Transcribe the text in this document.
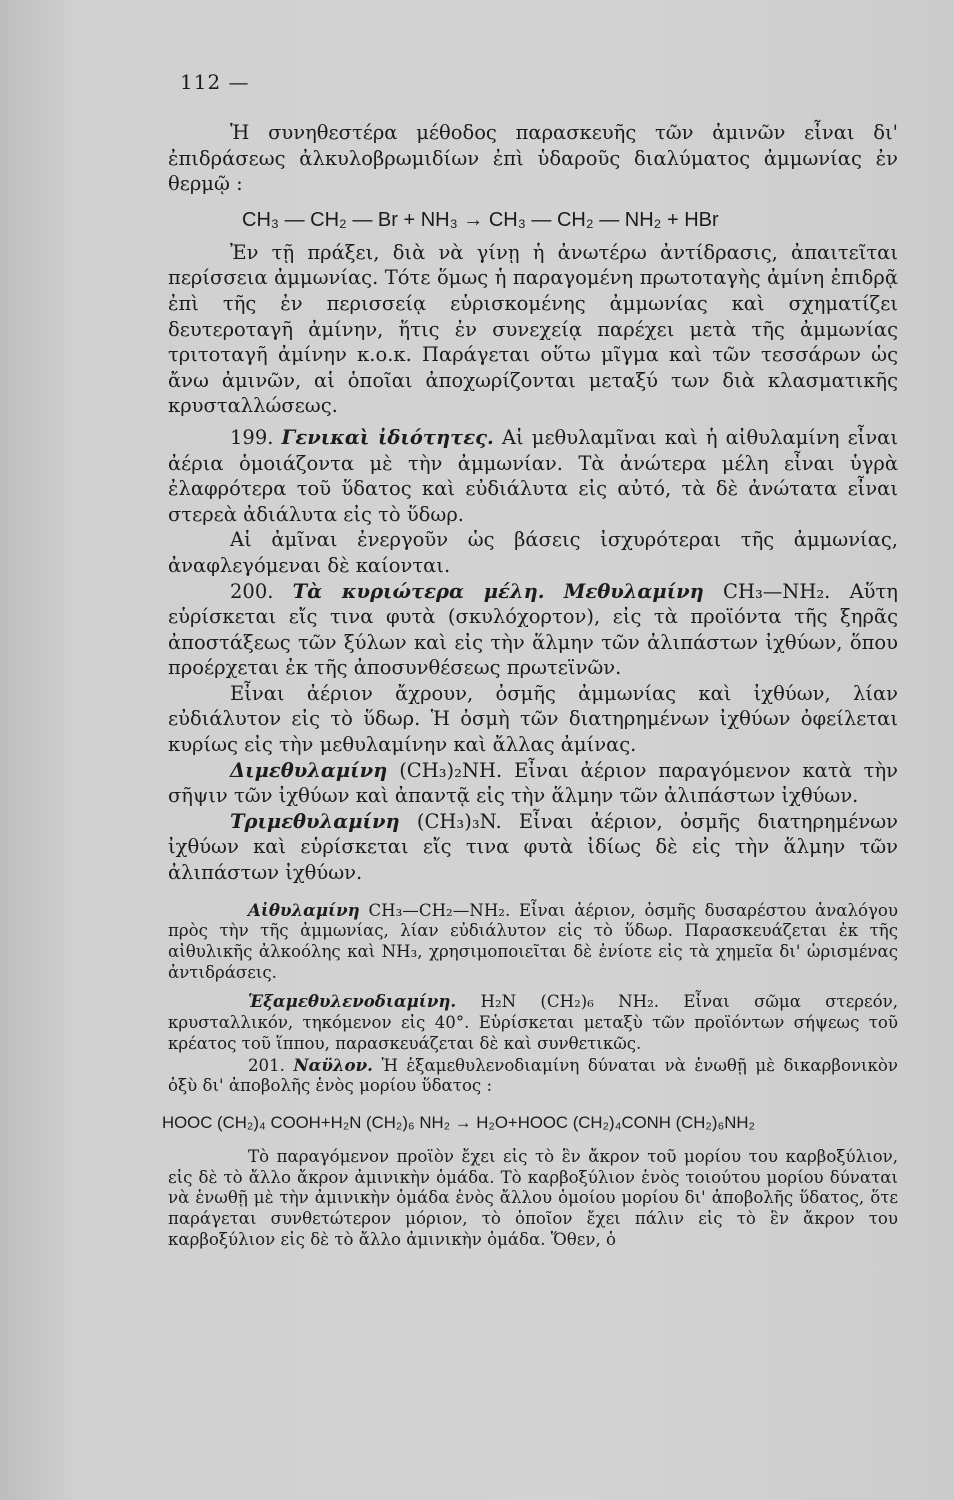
112 —

Ἡ συνηθεστέρα μέθοδος παρασκευῆς τῶν ἀμινῶν εἶναι δι' ἐπιδράσεως ἀλκυλοβρωμιδίων ἐπὶ ὑδαροῦς διαλύματος ἀμμωνίας ἐν θερμῷ :

CH₃ — CH₂ — Br + NH₃ → CH₃ — CH₂ — NH₂ + HBr

Ἐν τῇ πράξει, διὰ νὰ γίνῃ ἡ ἀνωτέρω ἀντίδρασις, ἀπαιτεῖται περίσσεια ἀμμωνίας. Τότε ὅμως ἡ παραγομένη πρωτοταγὴς ἀμίνη ἐπιδρᾷ ἐπὶ τῆς ἐν περισσείᾳ εὑρισκομένης ἀμμωνίας καὶ σχηματίζει δευτεροταγῆ ἀμίνην, ἥτις ἐν συνεχείᾳ παρέχει μετὰ τῆς ἀμμωνίας τριτοταγῆ ἀμίνην κ.ο.κ. Παράγεται οὕτω μῖγμα καὶ τῶν τεσσάρων ὡς ἄνω ἀμινῶν, αἱ ὁποῖαι ἀποχωρίζονται μεταξύ των διὰ κλασματικῆς κρυσταλλώσεως.

199. Γενικαὶ ἰδιότητες. Αἱ μεθυλαμῖναι καὶ ἡ αἰθυλαμίνη εἶναι ἀέρια ὁμοιάζοντα μὲ τὴν ἀμμωνίαν. Τὰ ἀνώτερα μέλη εἶναι ὑγρὰ ἐλαφρότερα τοῦ ὕδατος καὶ εὐδιάλυτα εἰς αὐτό, τὰ δὲ ἀνώτατα εἶναι στερεὰ ἀδιάλυτα εἰς τὸ ὕδωρ.

Αἱ ἀμῖναι ἐνεργοῦν ὡς βάσεις ἰσχυρότεραι τῆς ἀμμωνίας, ἀναφλεγόμεναι δὲ καίονται.

200. Τὰ κυριώτερα μέλη. Μεθυλαμίνη CH₃—NH₂. Αὕτη εὑρίσκεται εἴς τινα φυτὰ (σκυλόχορτον), εἰς τὰ προϊόντα τῆς ξηρᾶς ἀποστάξεως τῶν ξύλων καὶ εἰς τὴν ἅλμην τῶν ἀλιπάστων ἰχθύων, ὅπου προέρχεται ἐκ τῆς ἀποσυνθέσεως πρωτεϊνῶν.

Εἶναι ἀέριον ἄχρουν, ὀσμῆς ἀμμωνίας καὶ ἰχθύων, λίαν εὐδιάλυτον εἰς τὸ ὕδωρ. Ἡ ὀσμὴ τῶν διατηρημένων ἰχθύων ὀφείλεται κυρίως εἰς τὴν μεθυλαμίνην καὶ ἄλλας ἀμίνας.

Διμεθυλαμίνη (CH₃)₂NH. Εἶναι ἀέριον παραγόμενον κατὰ τὴν σῆψιν τῶν ἰχθύων καὶ ἀπαντᾷ εἰς τὴν ἅλμην τῶν ἀλιπάστων ἰχθύων.

Τριμεθυλαμίνη (CH₃)₃N. Εἶναι ἀέριον, ὀσμῆς διατηρημένων ἰχθύων καὶ εὑρίσκεται εἴς τινα φυτὰ ἰδίως δὲ εἰς τὴν ἅλμην τῶν ἀλιπάστων ἰχθύων.

Αἰθυλαμίνη CH₃—CH₂—NH₂. Εἶναι ἀέριον, ὀσμῆς δυσαρέστου ἀναλόγου πρὸς τὴν τῆς ἀμμωνίας, λίαν εὐδιάλυτον εἰς τὸ ὕδωρ. Παρασκευάζεται ἐκ τῆς αἰθυλικῆς ἀλκοόλης καὶ NH₃, χρησιμοποιεῖται δὲ ἐνίοτε εἰς τὰ χημεῖα δι' ὡρισμένας ἀντιδράσεις.

Ἑξαμεθυλενοδιαμίνη. H₂N (CH₂)₆ NH₂. Εἶναι σῶμα στερεόν, κρυσταλλικόν, τηκόμενον εἰς 40°. Εὑρίσκεται μεταξὺ τῶν προϊόντων σήψεως τοῦ κρέατος τοῦ ἵππου, παρασκευάζεται δὲ καὶ συνθετικῶς.

201. Ναϋλον. Ἡ ἑξαμεθυλενοδιαμίνη δύναται νὰ ἑνωθῇ μὲ δικαρβονικὸν ὀξὺ δι' ἀποβολῆς ἑνὸς μορίου ὕδατος :

HOOC (CH₂)₄ COOH+H₂N (CH₂)₆ NH₂ → H₂O+HOOC (CH₂)₄CONH (CH₂)₆NH₂

Τὸ παραγόμενον προϊὸν ἔχει εἰς τὸ ἓν ἄκρον τοῦ μορίου του καρβοξύλιον, εἰς δὲ τὸ ἄλλο ἄκρον ἀμινικὴν ὁμάδα. Τὸ καρβοξύλιον ἑνὸς τοιούτου μορίου δύναται νὰ ἑνωθῇ μὲ τὴν ἀμινικὴν ὁμάδα ἑνὸς ἄλλου ὁμοίου μορίου δι' ἀποβολῆς ὕδατος, ὅτε παράγεται συνθετώτερον μόριον, τὸ ὁποῖον ἔχει πάλιν εἰς τὸ ἓν ἄκρον του καρβοξύλιον εἰς δὲ τὸ ἄλλο ἀμινικὴν ὁμάδα. Ὅθεν, ὁ
